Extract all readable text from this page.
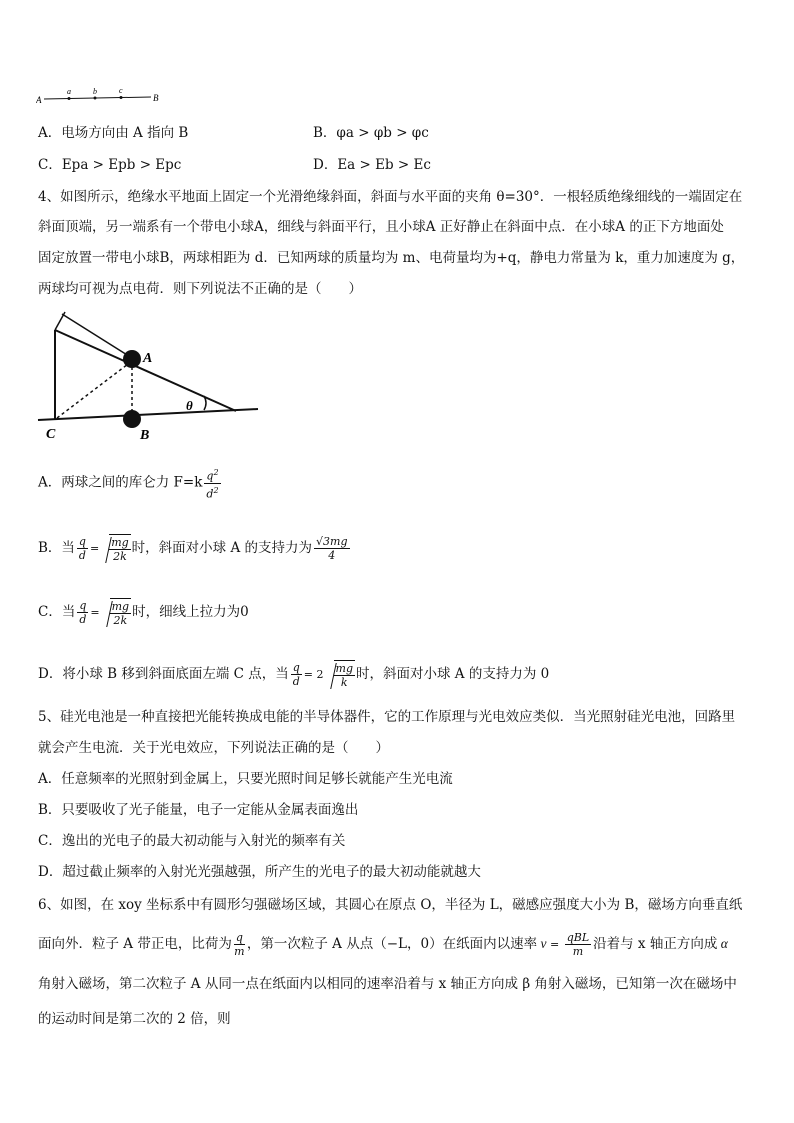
A
a	b	c
B
A．电场方向由 A 指向 B	B．φa > φb > φc
C．Epa > Epb > Epc	D．Ea > Eb > Ec
4、如图所示，绝缘水平地面上固定一个光滑绝缘斜面，斜面与水平面的夹角 θ=30°．一根轻质绝缘细线的一端固定在
斜面顶端，另一端系有一个带电小球A，细线与斜面平行，且小球A 正好静止在斜面中点．在小球A 的正下方地面处
固定放置一带电小球B，两球相距为 d．已知两球的质量均为 m、电荷量均为+q，静电力常量为 k，重力加速度为 g，
两球均可视为点电荷．则下列说法不正确的是（　　）
θ
A
B
C
A．两球之间的库仑力 $F=k \frac{q^2}{d^2}$
B．当 $\frac{q}{d} = \frac{mg}{2k}$ 时，斜面对小球 A 的支持力为 $\frac{√3mg}{4}$
C．当 $\frac{q}{d} = \frac{mg}{2k}$ 时，细线上拉力为0
D．将小球 B 移到斜面底面左端 C 点，当 $\frac{q}{d} = 2 \frac{mg}{k}$ 时，斜面对小球 A 的支持力为 0
5、硅光电池是一种直接把光能转换成电能的半导体器件，它的工作原理与光电效应类似．当光照射硅光电池，回路里
就会产生电流．关于光电效应，下列说法正确的是（　　）
A．任意频率的光照射到金属上，只要光照时间足够长就能产生光电流
B．只要吸收了光子能量，电子一定能从金属表面逸出
C．逸出的光电子的最大初动能与入射光的频率有关
D．超过截止频率的入射光光强越强，所产生的光电子的最大初动能就越大
6、如图，在 xoy 坐标系中有圆形匀强磁场区域，其圆心在原点 O，半径为 L，磁感应强度大小为 B，磁场方向垂直纸
面向外．粒子 A 带正电，比荷为 $\frac{q}{m}$ ，第一次粒子 A 从点（−L，0）在纸面内以速率 $v = \frac{\text{qBL}}{m}$ 沿着与 x 轴正方向成 α
角射入磁场，第二次粒子 A 从同一点在纸面内以相同的速率沿着与 x 轴正方向成 β 角射入磁场，已知第一次在磁场中
的运动时间是第二次的 2 倍，则
